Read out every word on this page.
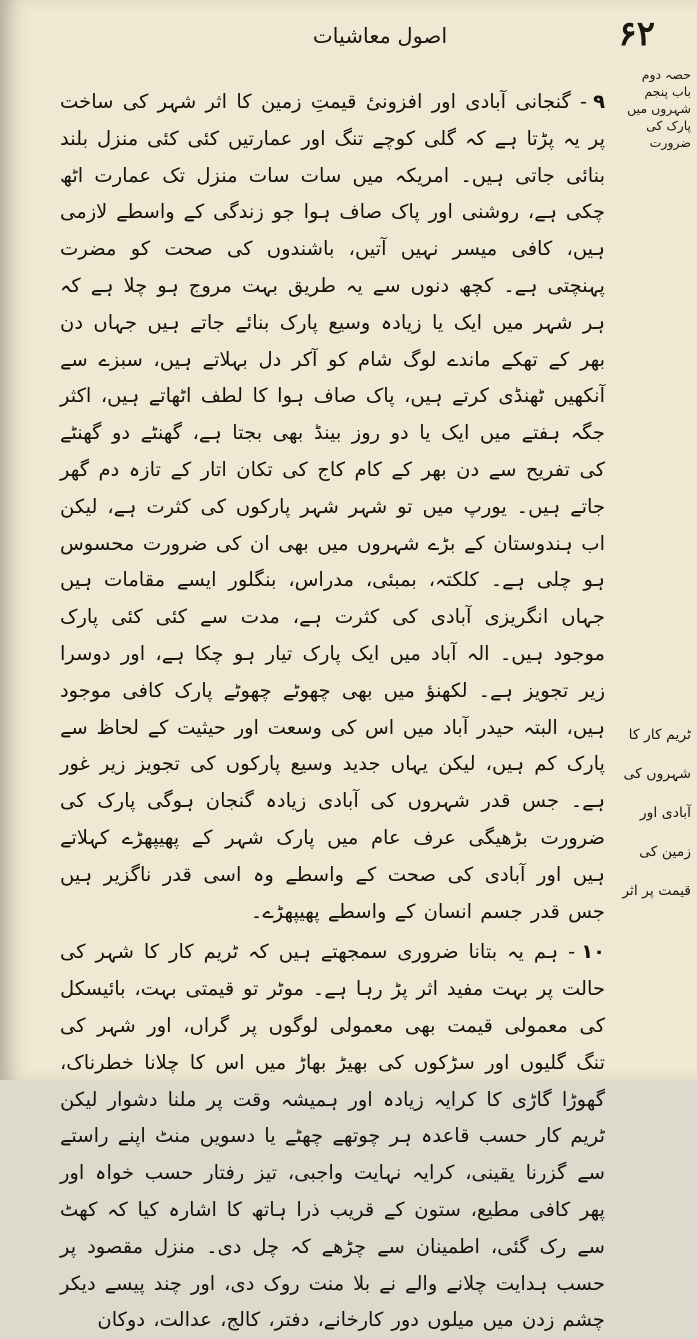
اصول معاشیات	۶۲
حصہ دوم
باب پنجم
شہروں میں
پارک کی
ضرورت
ٹریم کار کا
شہروں کی
آبادی اور
زمین کی
قیمت پر اثر

۹- گنجانی آبادی اور افزونیٔ قیمتِ زمین کا اثر شہر کی ساخت پر یہ پڑتا ہے کہ گلی کوچے تنگ اور عمارتیں کئی کئی منزل بلند بنائی جاتی ہیں۔ امریکہ میں سات سات منزل تک عمارت اٹھ چکی ہے، روشنی اور پاک صاف ہوا جو زندگی کے واسطے لازمی ہیں، کافی میسر نہیں آتیں، باشندوں کی صحت کو مضرت پہنچتی ہے۔ کچھ دنوں سے یہ طریق بہت مروج ہو چلا ہے کہ ہر شہر میں ایک یا زیادہ وسیع پارک بنائے جاتے ہیں جہاں دن بھر کے تھکے ماندے لوگ شام کو آکر دل بہلاتے ہیں، سبزے سے آنکھیں ٹھنڈی کرتے ہیں، پاک صاف ہوا کا لطف اٹھاتے ہیں، اکثر جگہ ہفتے میں ایک یا دو روز بینڈ بھی بجتا ہے، گھنٹے دو گھنٹے کی تفریح سے دن بھر کے کام کاج کی تکان اتار کے تازہ دم گھر جاتے ہیں۔ یورپ میں تو شہر شہر پارکوں کی کثرت ہے، لیکن اب ہندوستان کے بڑے شہروں میں بھی ان کی ضرورت محسوس ہو چلی ہے۔ کلکتہ، بمبئی، مدراس، بنگلور ایسے مقامات ہیں جہاں انگریزی آبادی کی کثرت ہے، مدت سے کئی کئی پارک موجود ہیں۔ الہ آباد میں ایک پارک تیار ہو چکا ہے، اور دوسرا زیر تجویز ہے۔ لکھنؤ میں بھی چھوٹے چھوٹے پارک کافی موجود ہیں، البتہ حیدر آباد میں اس کی وسعت اور حیثیت کے لحاظ سے پارک کم ہیں، لیکن یہاں جدید وسیع پارکوں کی تجویز زیر غور ہے۔ جس قدر شہروں کی آبادی زیادہ گنجان ہوگی پارک کی ضرورت بڑھیگی عرف عام میں پارک شہر کے پھیپھڑے کہلاتے ہیں اور آبادی کی صحت کے واسطے وہ اسی قدر ناگزیر ہیں جس قدر جسم انسان کے واسطے پھیپھڑے۔

۱۰- ہم یہ بتانا ضروری سمجھتے ہیں کہ ٹریم کار کا شہر کی حالت پر بہت مفید اثر پڑ رہا ہے۔ موٹر تو قیمتی بہت، بائیسکل کی معمولی قیمت بھی معمولی لوگوں پر گراں، اور شہر کی تنگ گلیوں اور سڑکوں کی بھیڑ بھاڑ میں اس کا چلانا خطرناک، گھوڑا گاڑی کا کرایہ زیادہ اور ہمیشہ وقت پر ملنا دشوار لیکن ٹریم کار حسب قاعدہ ہر چوتھے چھٹے یا دسویں منٹ اپنے راستے سے گزرنا یقینی، کرایہ نہایت واجبی، تیز رفتار حسب خواہ اور پھر کافی مطیع، ستون کے قریب ذرا ہاتھ کا اشارہ کیا کہ کھٹ سے رک گئی، اطمینان سے چڑھے کہ چل دی۔ منزل مقصود پر حسب ہدایت چلانے والے نے بلا منت روک دی، اور چند پیسے دیکر چشم زدن میں میلوں دور کارخانے، دفتر، کالج، عدالت، دوکان
